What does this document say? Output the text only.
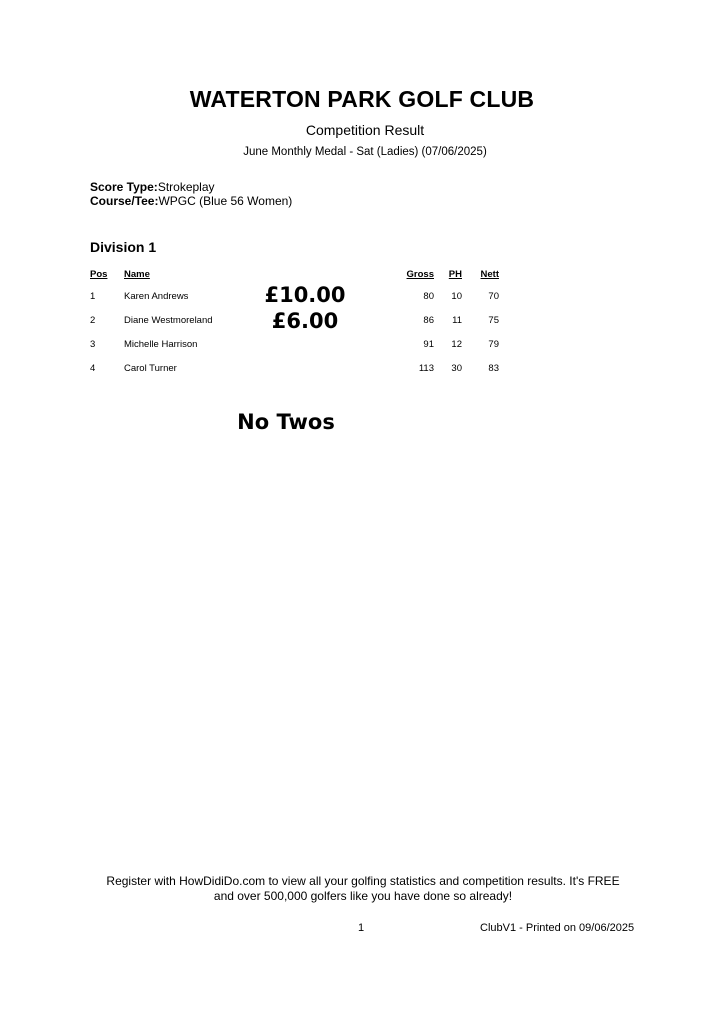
WATERTON PARK GOLF CLUB
Competition Result
June Monthly Medal - Sat (Ladies) (07/06/2025)
Score Type:Strokeplay
Course/Tee:WPGC (Blue 56 Women)
Division 1
Pos Name	Gross	PH	Nett
1	Karen Andrews	80	10	70
2	Diane Westmoreland	86	11	75
3	Michelle Harrison	91	12	79
4	Carol Turner	113	30	83
£10.00
£6.00
No Twos
Register with HowDidiDo.com to view all your golfing statistics and competition results. It's FREE
and over 500,000 golfers like you have done so already!
1	ClubV1 - Printed on 09/06/2025
